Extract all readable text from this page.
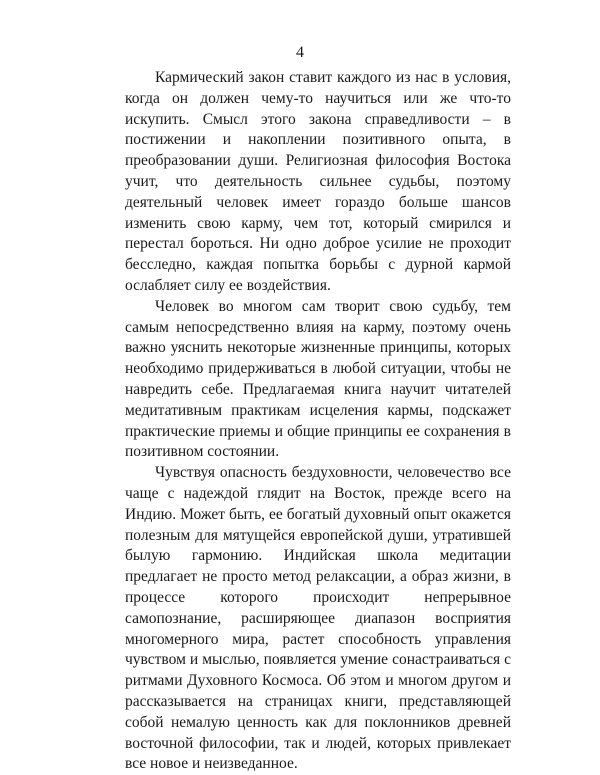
4

Кармический закон ставит каждого из нас в условия, когда он должен чему-то научиться или же что-то искупить. Смысл этого закона справедливости – в постижении и накоплении позитивного опыта, в преобразовании души. Религиозная философия Востока учит, что деятельность сильнее судьбы, поэтому деятельный человек имеет гораздо больше шансов изменить свою карму, чем тот, который смирился и перестал бороться. Ни одно доброе усилие не проходит бесследно, каждая попытка борьбы с дурной кармой ослабляет силу ее воздействия.

Человек во многом сам творит свою судьбу, тем самым непосредственно влияя на карму, поэтому очень важно уяснить некоторые жизненные принципы, которых необходимо придерживаться в любой ситуации, чтобы не навредить себе. Предлагаемая книга научит читателей медитативным практикам исцеления кармы, подскажет практические приемы и общие принципы ее сохранения в позитивном состоянии.

Чувствуя опасность бездуховности, человечество все чаще с надеждой глядит на Восток, прежде всего на Индию. Может быть, ее богатый духовный опыт окажется полезным для мятущейся европейской души, утратившей былую гармонию. Индийская школа медитации предлагает не просто метод релаксации, а образ жизни, в процессе которого происходит непрерывное самопознание, расширяющее диапазон восприятия многомерного мира, растет способность управления чувством и мыслью, появляется умение сонастраиваться с ритмами Духовного Космоса. Об этом и многом другом и рассказывается на страницах книги, представляющей собой немалую ценность как для поклонников древней восточной философии, так и людей, которых привлекает все новое и неизведанное.
